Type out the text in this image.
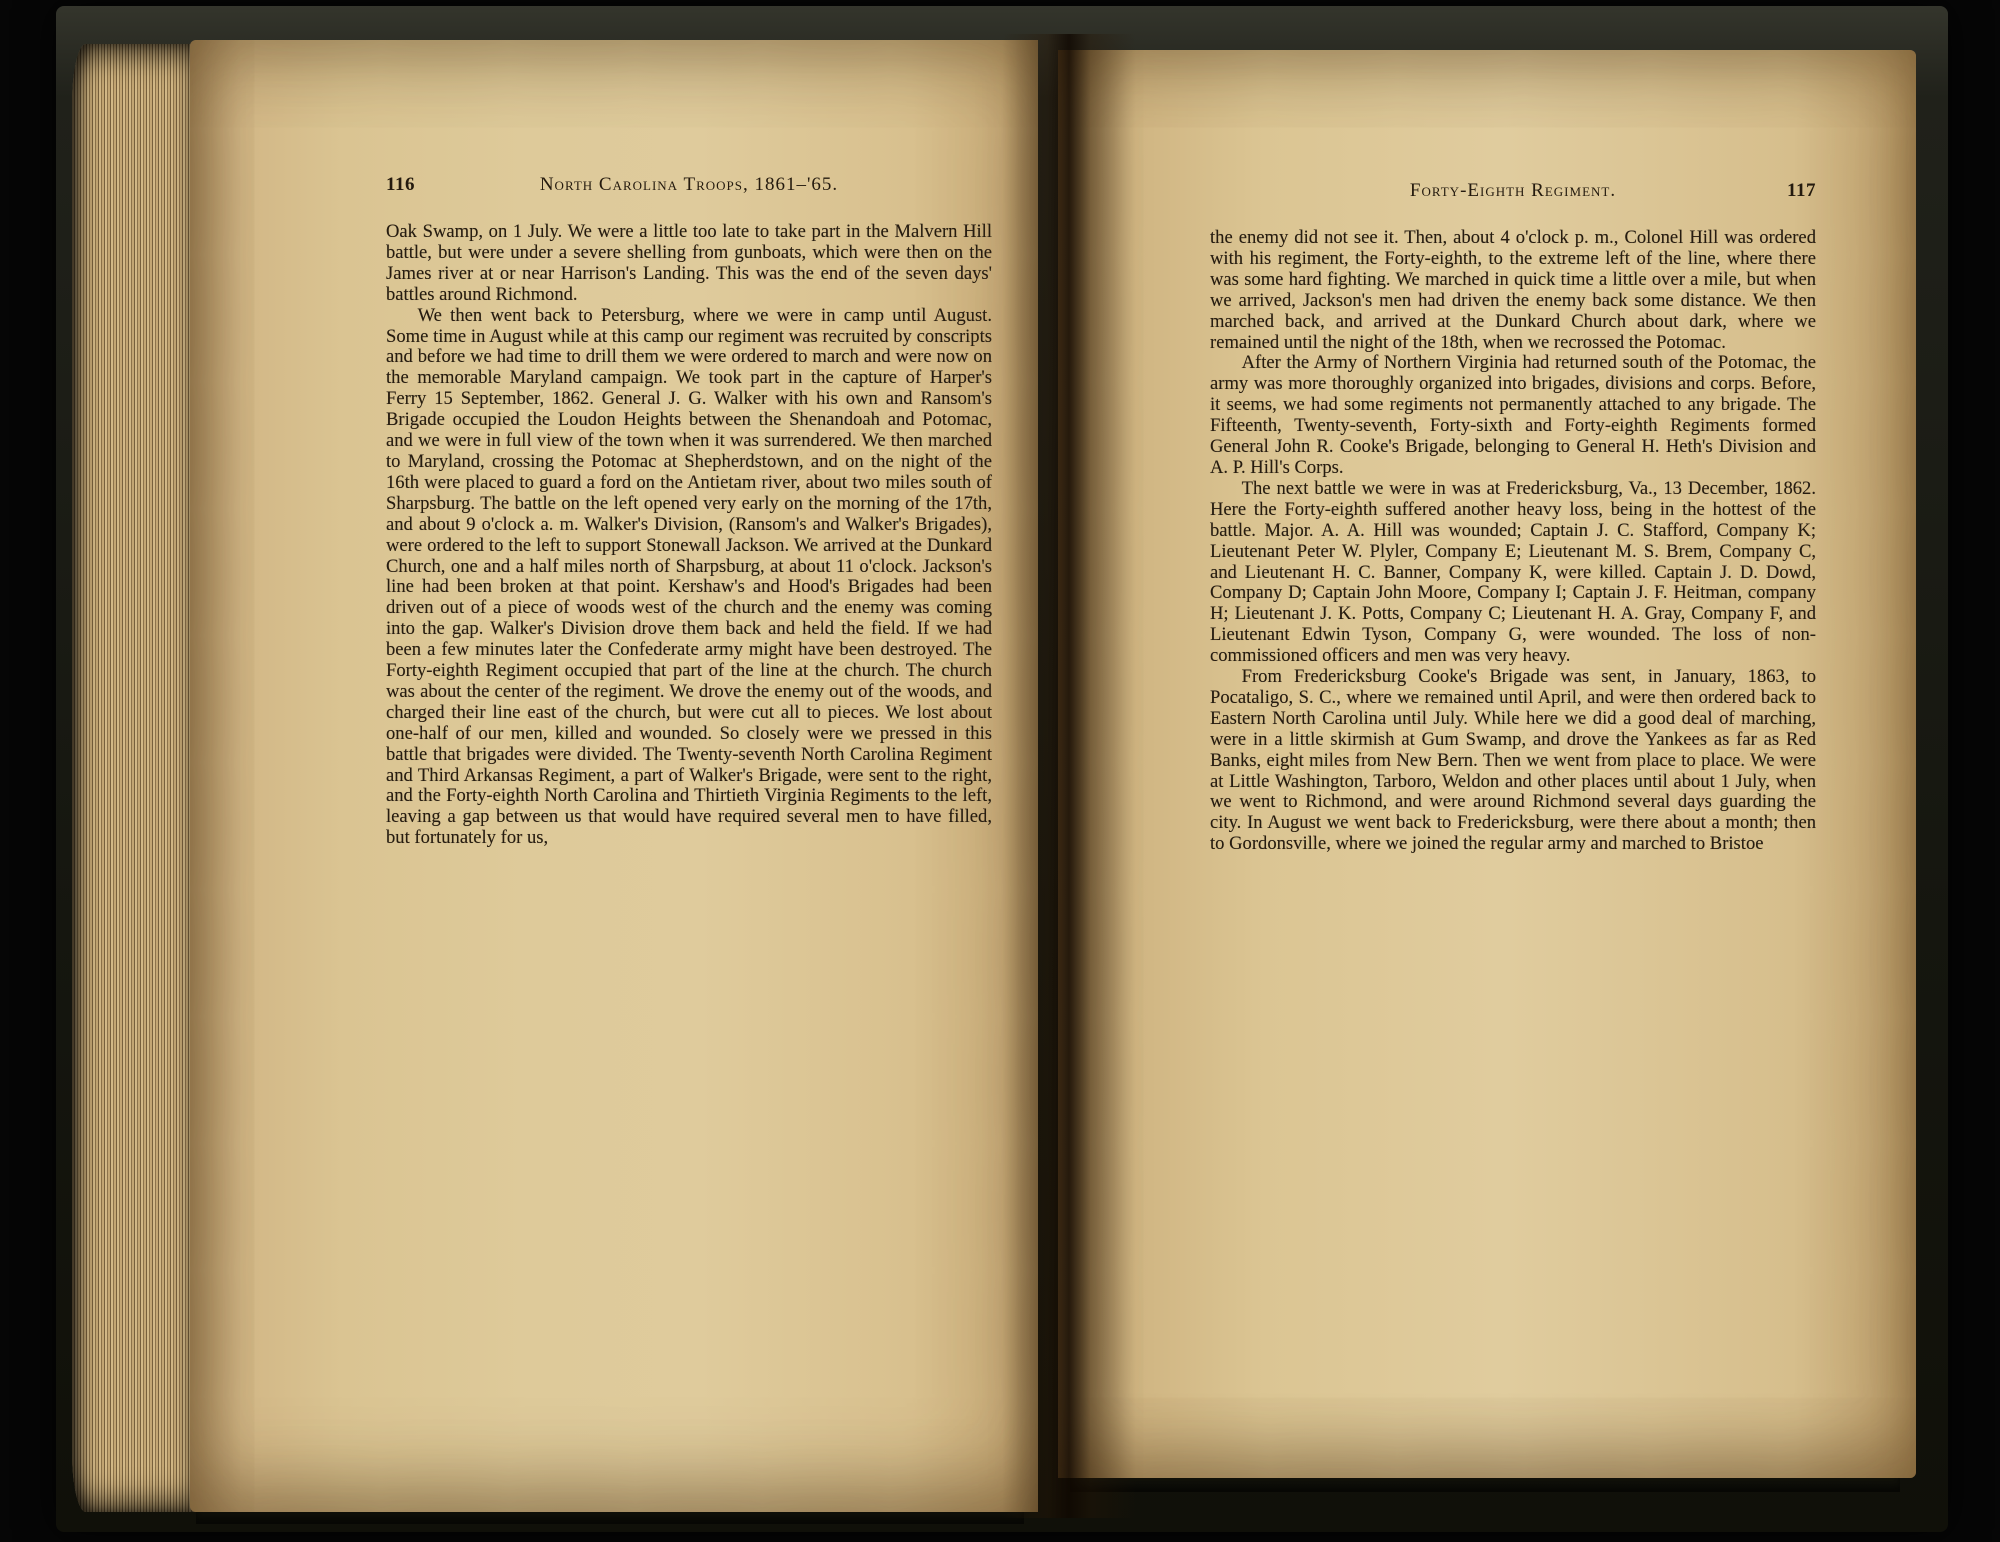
116	North Carolina Troops, 1861–'65.

Oak Swamp, on 1 July. We were a little too late to take part in the Malvern Hill battle, but were under a severe shelling from gunboats, which were then on the James river at or near Harrison's Landing. This was the end of the seven days' battles around Richmond.

We then went back to Petersburg, where we were in camp until August. Some time in August while at this camp our regiment was recruited by conscripts and before we had time to drill them we were ordered to march and were now on the memorable Maryland campaign. We took part in the capture of Harper's Ferry 15 September, 1862. General J. G. Walker with his own and Ransom's Brigade occupied the Loudon Heights between the Shenandoah and Potomac, and we were in full view of the town when it was surrendered. We then marched to Maryland, crossing the Potomac at Shepherdstown, and on the night of the 16th were placed to guard a ford on the Antietam river, about two miles south of Sharpsburg. The battle on the left opened very early on the morning of the 17th, and about 9 o'clock a. m. Walker's Division, (Ransom's and Walker's Brigades), were ordered to the left to support Stonewall Jackson. We arrived at the Dunkard Church, one and a half miles north of Sharpsburg, at about 11 o'clock. Jackson's line had been broken at that point. Kershaw's and Hood's Brigades had been driven out of a piece of woods west of the church and the enemy was coming into the gap. Walker's Division drove them back and held the field. If we had been a few minutes later the Confederate army might have been destroyed. The Forty-eighth Regiment occupied that part of the line at the church. The church was about the center of the regiment. We drove the enemy out of the woods, and charged their line east of the church, but were cut all to pieces. We lost about one-half of our men, killed and wounded. So closely were we pressed in this battle that brigades were divided. The Twenty-seventh North Carolina Regiment and Third Arkansas Regiment, a part of Walker's Brigade, were sent to the right, and the Forty-eighth North Carolina and Thirtieth Virginia Regiments to the left, leaving a gap between us that would have required several men to have filled, but fortunately for us,

Forty-Eighth Regiment.	117

the enemy did not see it. Then, about 4 o'clock p. m., Colonel Hill was ordered with his regiment, the Forty-eighth, to the extreme left of the line, where there was some hard fighting. We marched in quick time a little over a mile, but when we arrived, Jackson's men had driven the enemy back some distance. We then marched back, and arrived at the Dunkard Church about dark, where we remained until the night of the 18th, when we recrossed the Potomac.

After the Army of Northern Virginia had returned south of the Potomac, the army was more thoroughly organized into brigades, divisions and corps. Before, it seems, we had some regiments not permanently attached to any brigade. The Fifteenth, Twenty-seventh, Forty-sixth and Forty-eighth Regiments formed General John R. Cooke's Brigade, belonging to General H. Heth's Division and A. P. Hill's Corps.

The next battle we were in was at Fredericksburg, Va., 13 December, 1862. Here the Forty-eighth suffered another heavy loss, being in the hottest of the battle. Major. A. A. Hill was wounded; Captain J. C. Stafford, Company K; Lieutenant Peter W. Plyler, Company E; Lieutenant M. S. Brem, Company C, and Lieutenant H. C. Banner, Company K, were killed. Captain J. D. Dowd, Company D; Captain John Moore, Company I; Captain J. F. Heitman, company H; Lieutenant J. K. Potts, Company C; Lieutenant H. A. Gray, Company F, and Lieutenant Edwin Tyson, Company G, were wounded. The loss of non-commissioned officers and men was very heavy.

From Fredericksburg Cooke's Brigade was sent, in January, 1863, to Pocataligo, S. C., where we remained until April, and were then ordered back to Eastern North Carolina until July. While here we did a good deal of marching, were in a little skirmish at Gum Swamp, and drove the Yankees as far as Red Banks, eight miles from New Bern. Then we went from place to place. We were at Little Washington, Tarboro, Weldon and other places until about 1 July, when we went to Richmond, and were around Richmond several days guarding the city. In August we went back to Fredericksburg, were there about a month; then to Gordonsville, where we joined the regular army and marched to Bristoe
